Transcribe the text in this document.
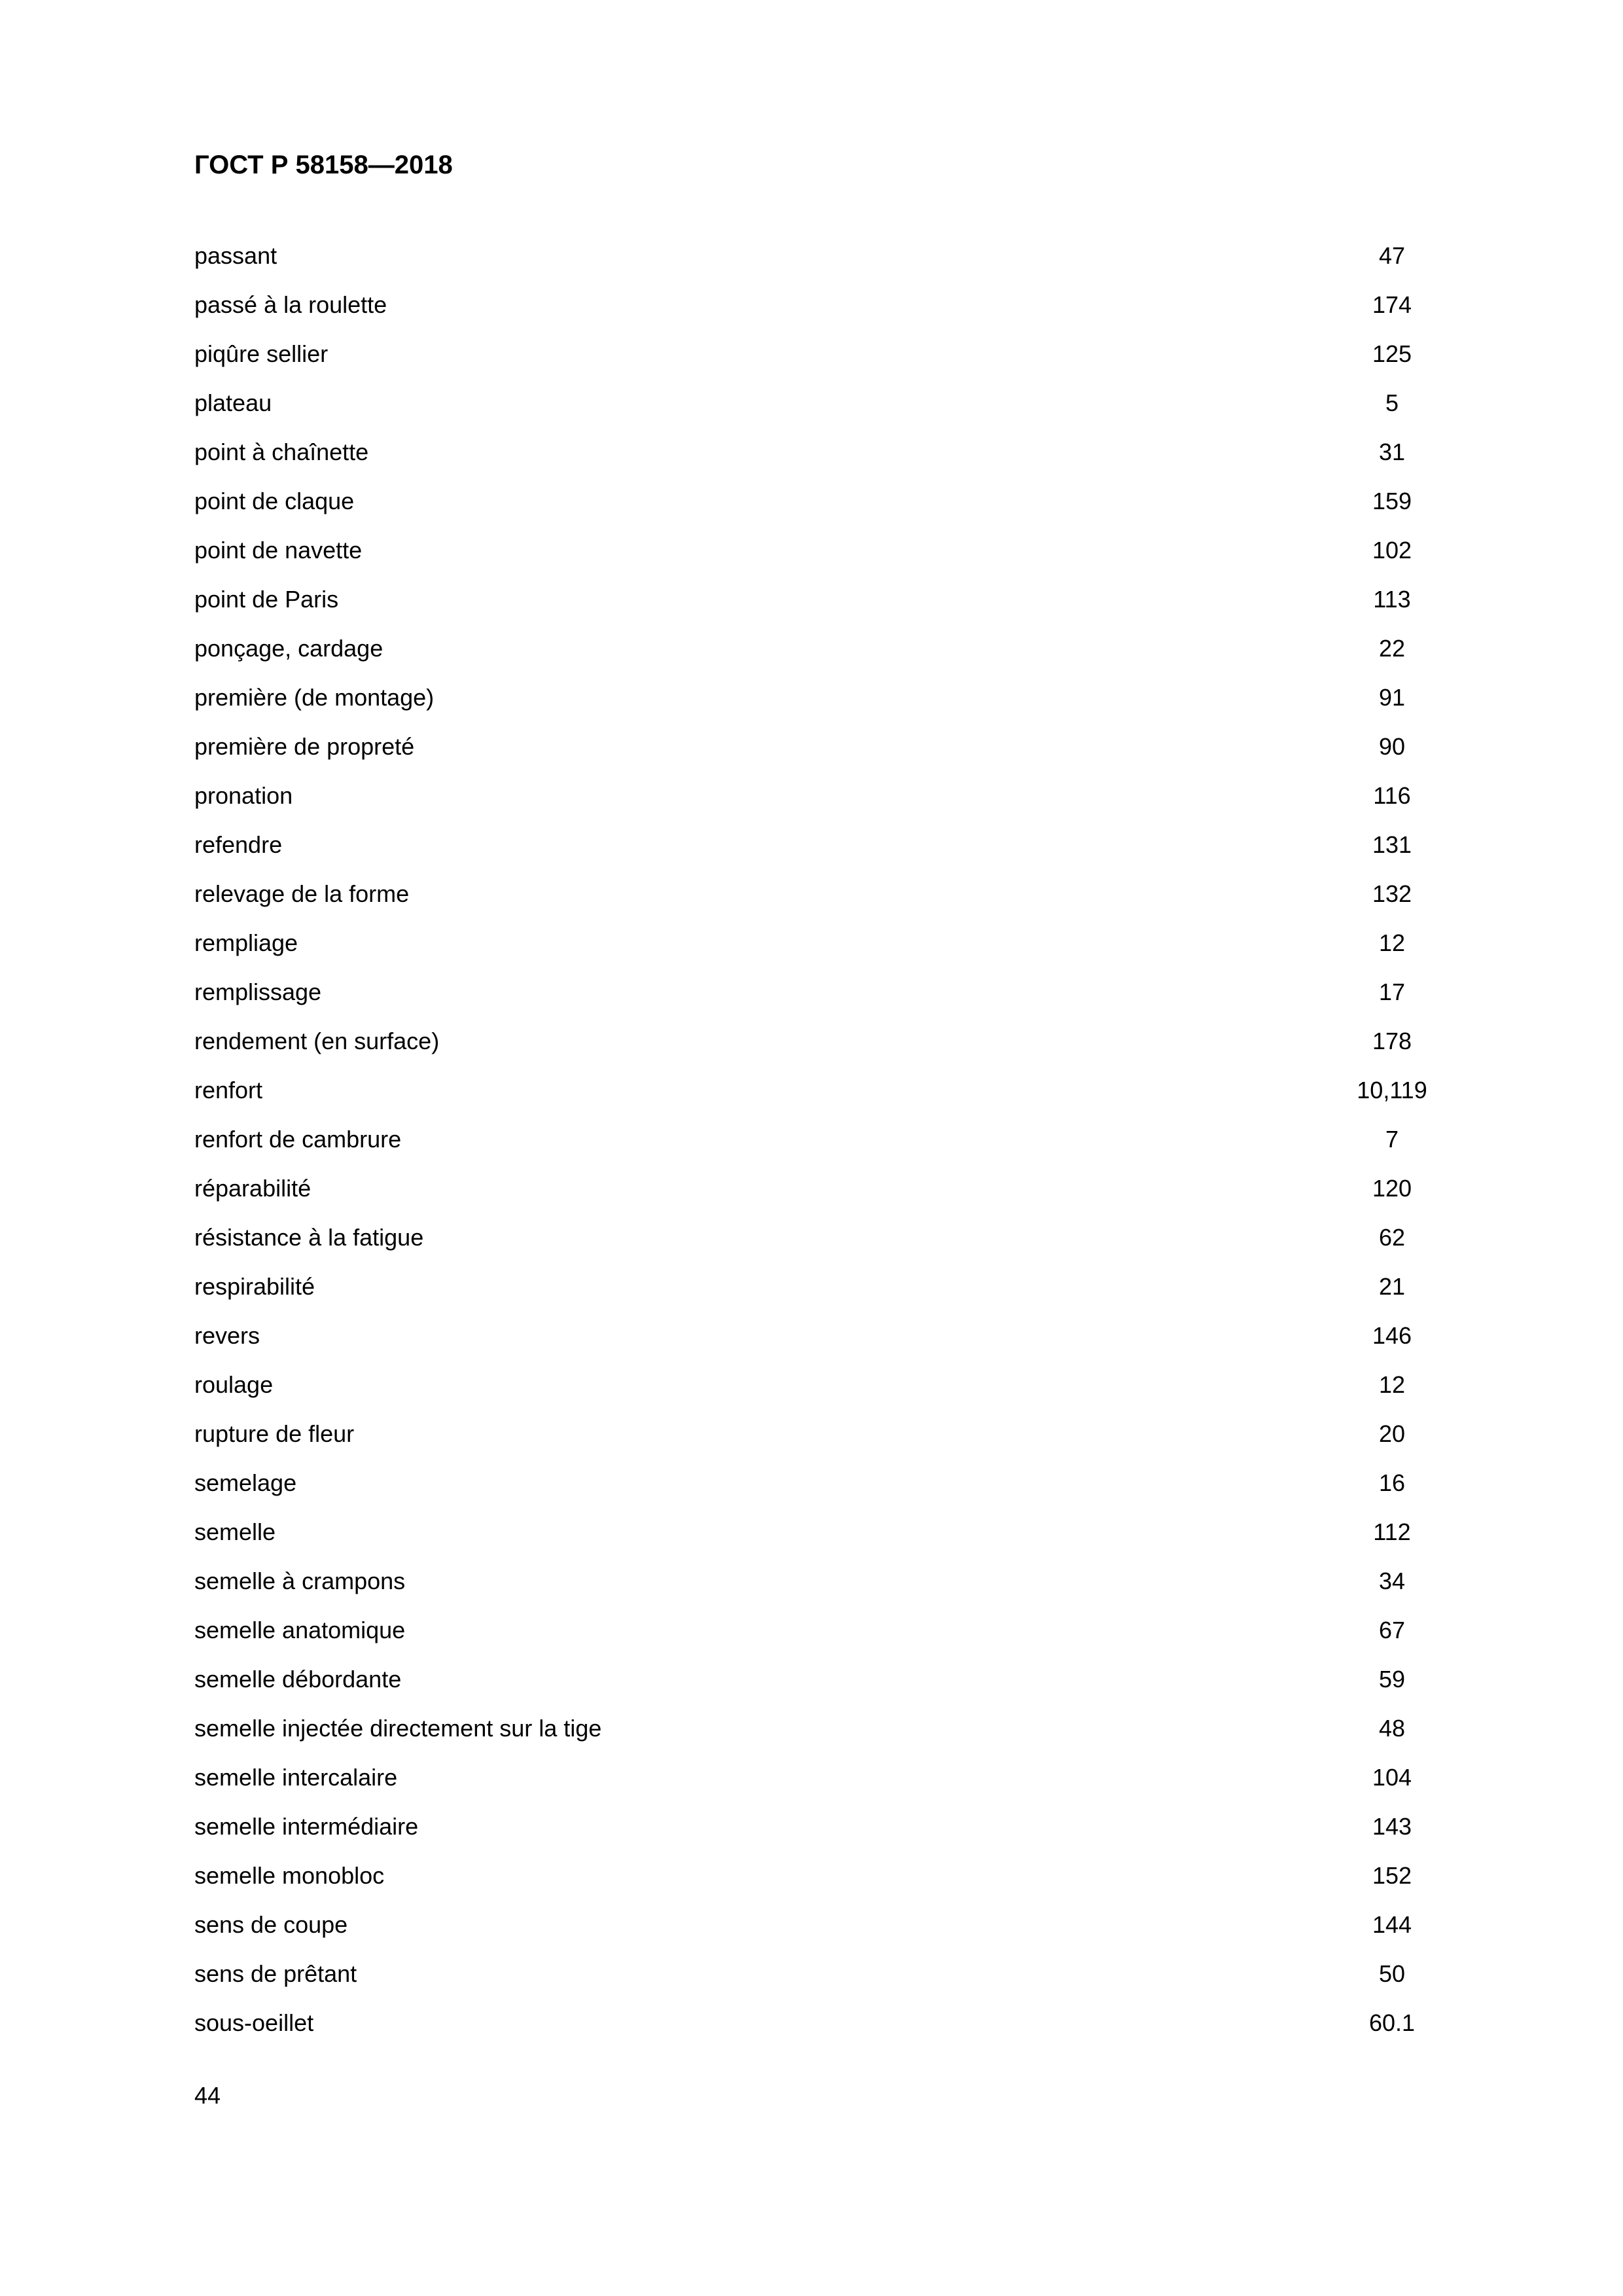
ГОСТ Р 58158—2018
passant	47
passé à la roulette	174
piqûre sellier	125
plateau	5
point à chaînette	31
point de claque	159
point de navette	102
point de Paris	113
ponçage, cardage	22
première (de montage)	91
première de propreté	90
pronation	116
refendre	131
relevage de la forme	132
rempliage	12
remplissage	17
rendement (en surface)	178
renfort	10,119
renfort de cambrure	7
réparabilité	120
résistance à la fatigue	62
respirabilité	21
revers	146
roulage	12
rupture de fleur	20
semelage	16
semelle	112
semelle à crampons	34
semelle anatomique	67
semelle débordante	59
semelle injectée directement sur la tige	48
semelle intercalaire	104
semelle intermédiaire	143
semelle monobloc	152
sens de coupe	144
sens de prêtant	50
sous-oeillet	60.1
44
